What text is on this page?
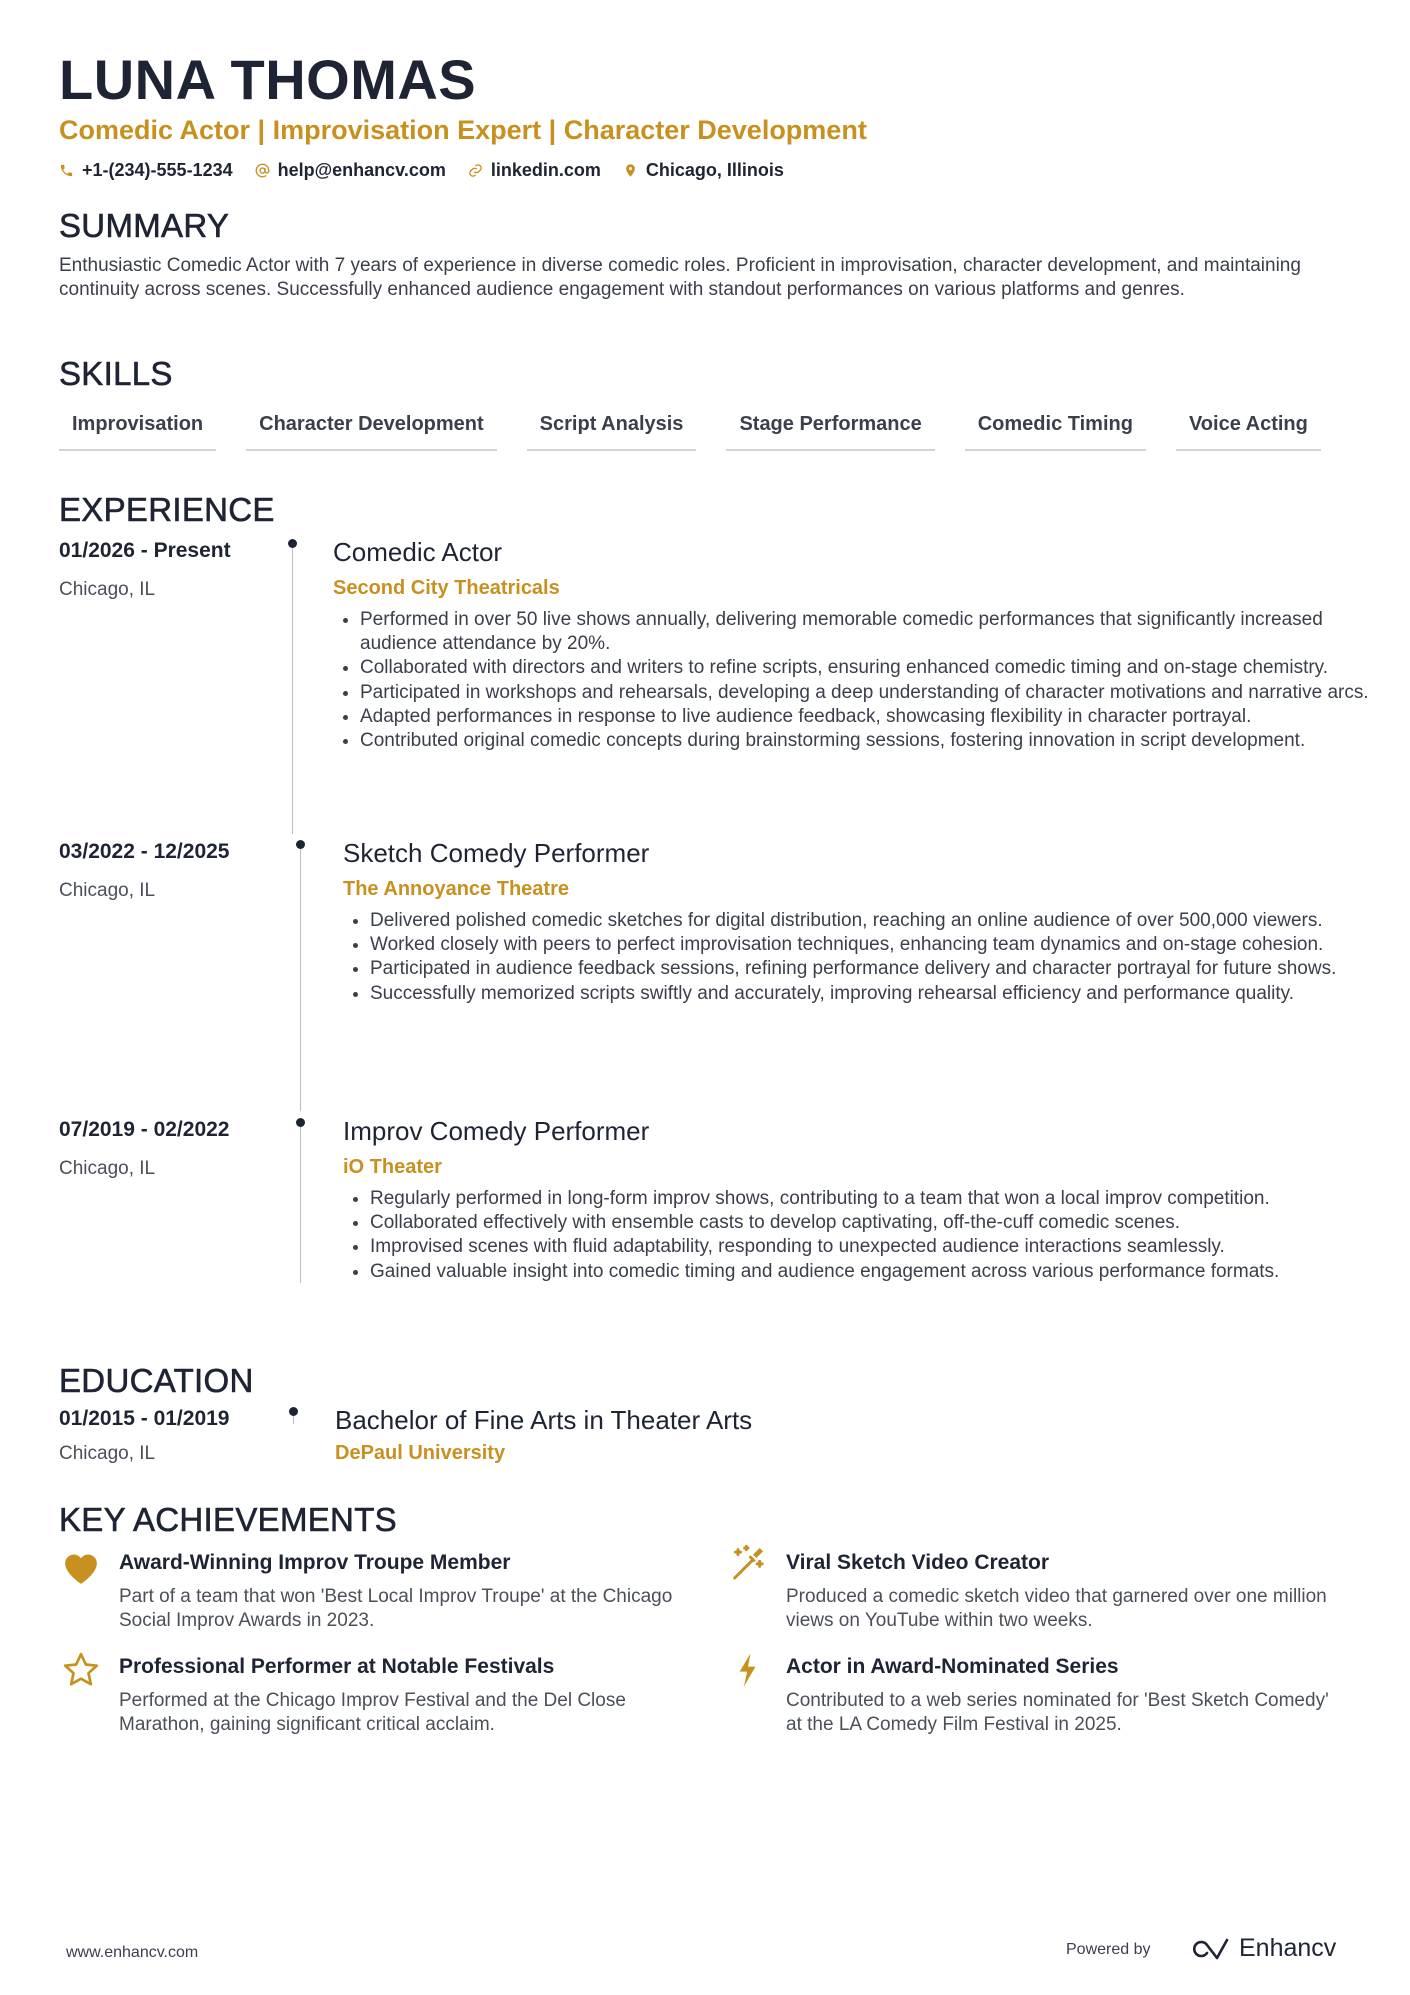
LUNA THOMAS
Comedic Actor | Improvisation Expert | Character Development
+1-(234)-555-1234	help@enhancv.com	linkedin.com	Chicago, Illinois
SUMMARY
Enthusiastic Comedic Actor with 7 years of experience in diverse comedic roles. Proficient in improvisation, character development, and maintaining continuity across scenes. Successfully enhanced audience engagement with standout performances on various platforms and genres.
SKILLS
Improvisation	Character Development	Script Analysis	Stage Performance	Comedic Timing	Voice Acting
EXPERIENCE
01/2026 - Present
Chicago, IL
Comedic Actor
Second City Theatricals
• Performed in over 50 live shows annually, delivering memorable comedic performances that significantly increased audience attendance by 20%.
• Collaborated with directors and writers to refine scripts, ensuring enhanced comedic timing and on-stage chemistry.
• Participated in workshops and rehearsals, developing a deep understanding of character motivations and narrative arcs.
• Adapted performances in response to live audience feedback, showcasing flexibility in character portrayal.
• Contributed original comedic concepts during brainstorming sessions, fostering innovation in script development.
03/2022 - 12/2025
Chicago, IL
Sketch Comedy Performer
The Annoyance Theatre
• Delivered polished comedic sketches for digital distribution, reaching an online audience of over 500,000 viewers.
• Worked closely with peers to perfect improvisation techniques, enhancing team dynamics and on-stage cohesion.
• Participated in audience feedback sessions, refining performance delivery and character portrayal for future shows.
• Successfully memorized scripts swiftly and accurately, improving rehearsal efficiency and performance quality.
07/2019 - 02/2022
Chicago, IL
Improv Comedy Performer
iO Theater
• Regularly performed in long-form improv shows, contributing to a team that won a local improv competition.
• Collaborated effectively with ensemble casts to develop captivating, off-the-cuff comedic scenes.
• Improvised scenes with fluid adaptability, responding to unexpected audience interactions seamlessly.
• Gained valuable insight into comedic timing and audience engagement across various performance formats.
EDUCATION
01/2015 - 01/2019
Chicago, IL
Bachelor of Fine Arts in Theater Arts
DePaul University
KEY ACHIEVEMENTS
Award-Winning Improv Troupe Member
Part of a team that won 'Best Local Improv Troupe' at the Chicago Social Improv Awards in 2023.
Viral Sketch Video Creator
Produced a comedic sketch video that garnered over one million views on YouTube within two weeks.
Professional Performer at Notable Festivals
Performed at the Chicago Improv Festival and the Del Close Marathon, gaining significant critical acclaim.
Actor in Award-Nominated Series
Contributed to a web series nominated for 'Best Sketch Comedy' at the LA Comedy Film Festival in 2025.
www.enhancv.com	Powered by	Enhancv
